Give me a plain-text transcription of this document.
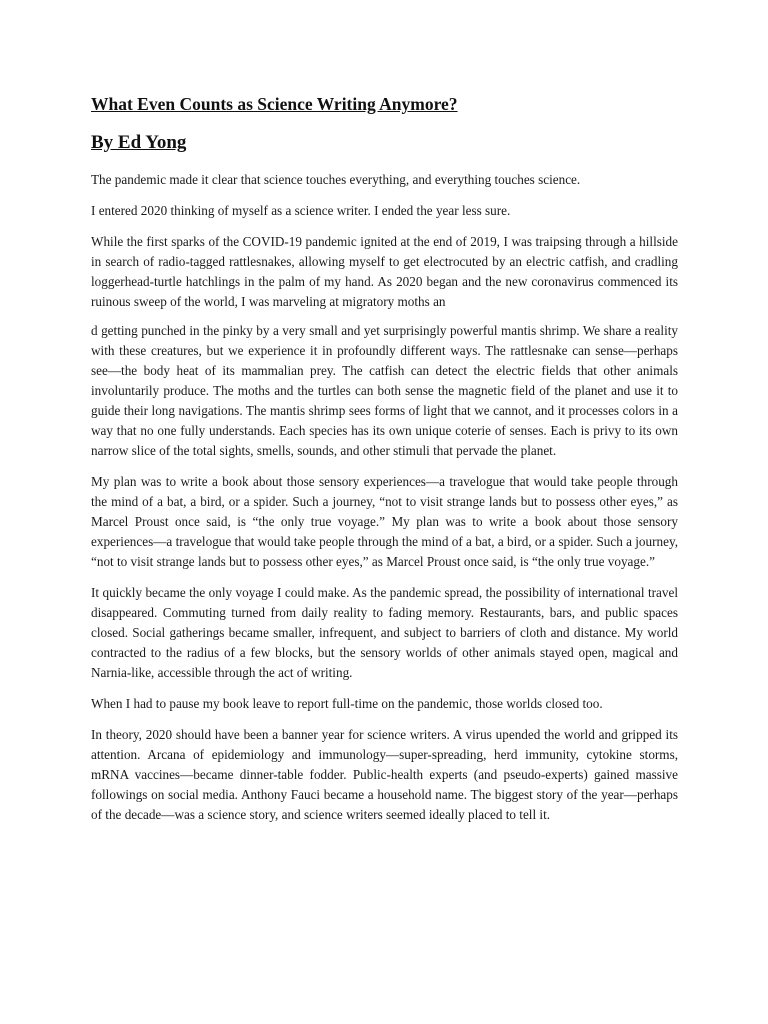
What Even Counts as Science Writing Anymore?
By Ed Yong

The pandemic made it clear that science touches everything, and everything touches science.

I entered 2020 thinking of myself as a science writer. I ended the year less sure.

While the first sparks of the COVID-19 pandemic ignited at the end of 2019, I was traipsing through a hillside in search of radio-tagged rattlesnakes, allowing myself to get electrocuted by an electric catfish, and cradling loggerhead-turtle hatchlings in the palm of my hand. As 2020 began and the new coronavirus commenced its ruinous sweep of the world, I was marveling at migratory moths an

d getting punched in the pinky by a very small and yet surprisingly powerful mantis shrimp. We share a reality with these creatures, but we experience it in profoundly different ways. The rattlesnake can sense—perhaps see—the body heat of its mammalian prey. The catfish can detect the electric fields that other animals involuntarily produce. The moths and the turtles can both sense the magnetic field of the planet and use it to guide their long navigations. The mantis shrimp sees forms of light that we cannot, and it processes colors in a way that no one fully understands. Each species has its own unique coterie of senses. Each is privy to its own narrow slice of the total sights, smells, sounds, and other stimuli that pervade the planet.

My plan was to write a book about those sensory experiences—a travelogue that would take people through the mind of a bat, a bird, or a spider. Such a journey, “not to visit strange lands but to possess other eyes,” as Marcel Proust once said, is “the only true voyage.” My plan was to write a book about those sensory experiences—a travelogue that would take people through the mind of a bat, a bird, or a spider. Such a journey, “not to visit strange lands but to possess other eyes,” as Marcel Proust once said, is “the only true voyage.”

It quickly became the only voyage I could make. As the pandemic spread, the possibility of international travel disappeared. Commuting turned from daily reality to fading memory. Restaurants, bars, and public spaces closed. Social gatherings became smaller, infrequent, and subject to barriers of cloth and distance. My world contracted to the radius of a few blocks, but the sensory worlds of other animals stayed open, magical and Narnia-like, accessible through the act of writing.

When I had to pause my book leave to report full-time on the pandemic, those worlds closed too.

In theory, 2020 should have been a banner year for science writers. A virus upended the world and gripped its attention. Arcana of epidemiology and immunology—super-spreading, herd immunity, cytokine storms, mRNA vaccines—became dinner-table fodder. Public-health experts (and pseudo-experts) gained massive followings on social media. Anthony Fauci became a household name. The biggest story of the year—perhaps of the decade—was a science story, and science writers seemed ideally placed to tell it.
